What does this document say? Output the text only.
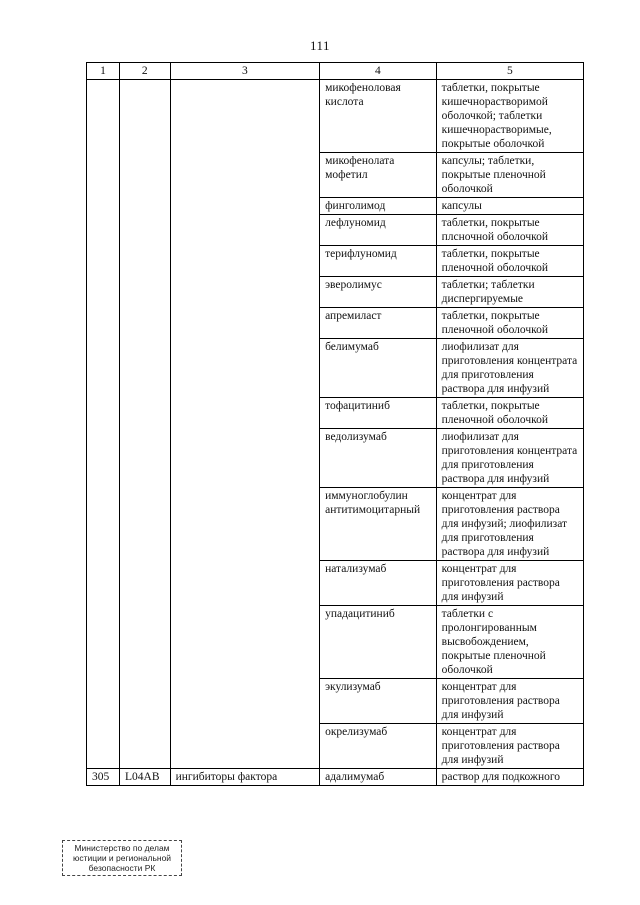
111
1	2	3	4	5
			микофеноловая кислота	таблетки, покрытые кишечнорастворимой оболочкой; таблетки кишечнорастворимые, покрытые оболочкой
			микофенолата мофетил	капсулы; таблетки, покрытые пленочной оболочкой
			финголимод	капсулы
			лефлуномид	таблетки, покрытые плсночной оболочкой
			терифлуномид	таблетки, покрытые пленочной оболочкой
			эверолимус	таблетки; таблетки диспергируемые
			апремиласт	таблетки, покрытые пленочной оболочкой
			белимумаб	лиофилизат для приготовления концентрата для приготовления раствора для инфузий
			тофацитиниб	таблетки, покрытые пленочной оболочкой
			ведолизумаб	лиофилизат для приготовления концентрата для приготовления раствора для инфузий
			иммуноглобулин антитимоцитарный	концентрат для приготовления раствора для инфузий; лиофилизат для приготовления раствора для инфузий
			натализумаб	концентрат для приготовления раствора для инфузий
			упадацитиниб	таблетки с пролонгированным высвобождением, покрытые пленочной оболочкой
			экулизумаб	концентрат для приготовления раствора для инфузий
			окрелизумаб	концентрат для приготовления раствора для инфузий
305	L04AB	ингибиторы фактора	адалимумаб	раствор для подкожного
Министерство по делам
юстиции и региональной
безопасности РК
